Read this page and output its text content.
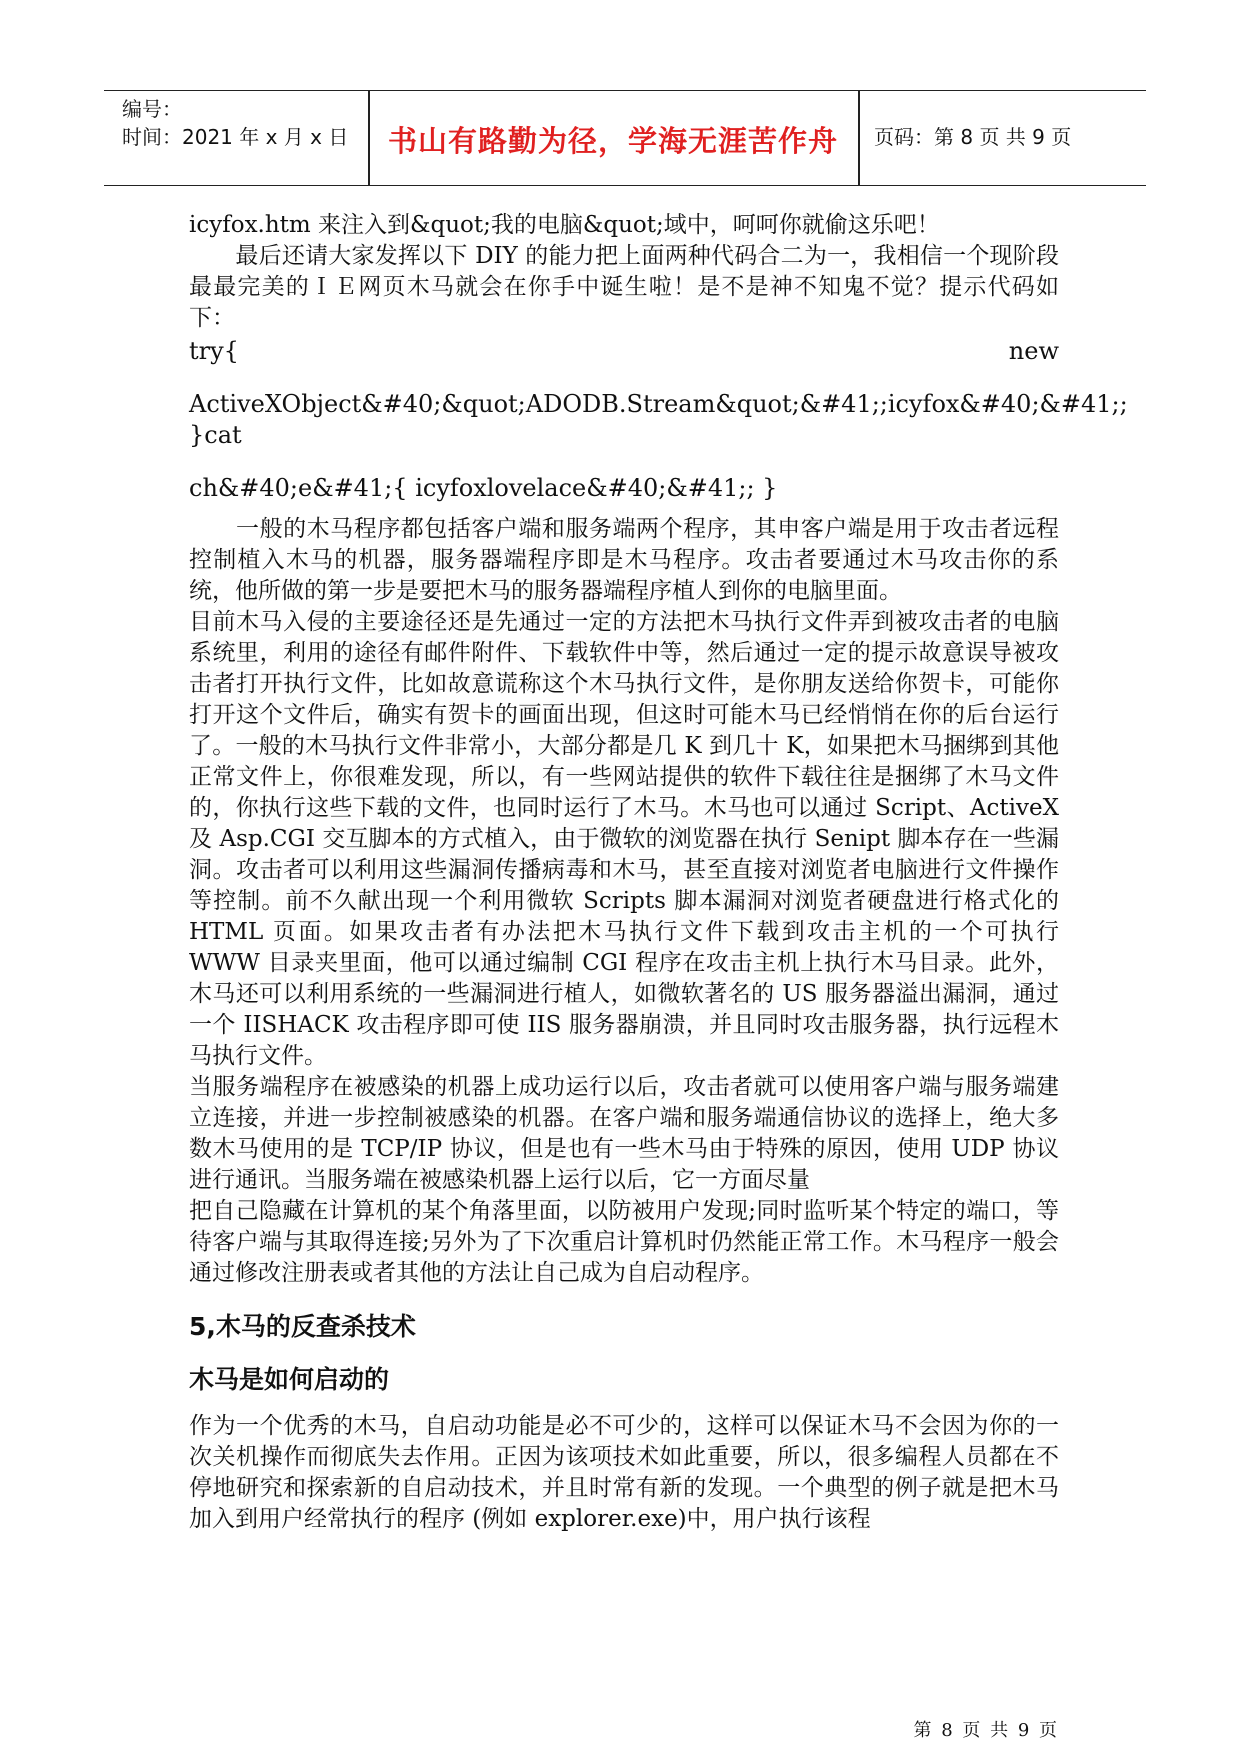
编号：
时间：2021 年 x 月 x 日	书山有路勤为径，学海无涯苦作舟	页码：第 8 页 共 9 页

icyfox.htm 来注入到&quot;我的电脑&quot;域中，呵呵你就偷这乐吧！

　　最后还请大家发挥以下 DIY 的能力把上面两种代码合二为一，我相信一个现阶段最最完美的ＩＥ网页木马就会在你手中诞生啦！是不是神不知鬼不觉？提示代码如下：

try{	new

ActiveXObject&#40;&quot;ADODB.Stream&quot;&#41;;icyfox&#40;&#41;; }cat

ch&#40;e&#41;{ icyfoxlovelace&#40;&#41;; }

　　一般的木马程序都包括客户端和服务端两个程序，其申客户端是用于攻击者远程控制植入木马的机器，服务器端程序即是木马程序。攻击者要通过木马攻击你的系统，他所做的第一步是要把木马的服务器端程序植人到你的电脑里面。

目前木马入侵的主要途径还是先通过一定的方法把木马执行文件弄到被攻击者的电脑系统里，利用的途径有邮件附件、下载软件中等，然后通过一定的提示故意误导被攻击者打开执行文件，比如故意谎称这个木马执行文件，是你朋友送给你贺卡，可能你打开这个文件后，确实有贺卡的画面出现，但这时可能木马已经悄悄在你的后台运行了。一般的木马执行文件非常小，大部分都是几 K 到几十 K，如果把木马捆绑到其他正常文件上，你很难发现，所以，有一些网站提供的软件下载往往是捆绑了木马文件的，你执行这些下载的文件，也同时运行了木马。木马也可以通过 Script、ActiveX 及 Asp.CGI 交互脚本的方式植入，由于微软的浏览器在执行 Senipt 脚本存在一些漏洞。攻击者可以利用这些漏洞传播病毒和木马，甚至直接对浏览者电脑进行文件操作等控制。前不久献出现一个利用微软 Scripts 脚本漏洞对浏览者硬盘进行格式化的 HTML 页面。如果攻击者有办法把木马执行文件下载到攻击主机的一个可执行 WWW 目录夹里面，他可以通过编制 CGI 程序在攻击主机上执行木马目录。此外，木马还可以利用系统的一些漏洞进行植人，如微软著名的 US 服务器溢出漏洞，通过一个 IISHACK 攻击程序即可使 IIS 服务器崩溃，并且同时攻击服务器，执行远程木马执行文件。

当服务端程序在被感染的机器上成功运行以后，攻击者就可以使用客户端与服务端建立连接，并进一步控制被感染的机器。在客户端和服务端通信协议的选择上，绝大多数木马使用的是 TCP/IP 协议，但是也有一些木马由于特殊的原因，使用 UDP 协议进行通讯。当服务端在被感染机器上运行以后，它一方面尽量

把自己隐藏在计算机的某个角落里面，以防被用户发现;同时监听某个特定的端口，等待客户端与其取得连接;另外为了下次重启计算机时仍然能正常工作。木马程序一般会通过修改注册表或者其他的方法让自己成为自启动程序。

5,木马的反查杀技术
木马是如何启动的

作为一个优秀的木马，自启动功能是必不可少的，这样可以保证木马不会因为你的一次关机操作而彻底失去作用。正因为该项技术如此重要，所以，很多编程人员都在不停地研究和探索新的自启动技术，并且时常有新的发现。一个典型的例子就是把木马加入到用户经常执行的程序 (例如 explorer.exe)中，用户执行该程

第 8 页 共 9 页
